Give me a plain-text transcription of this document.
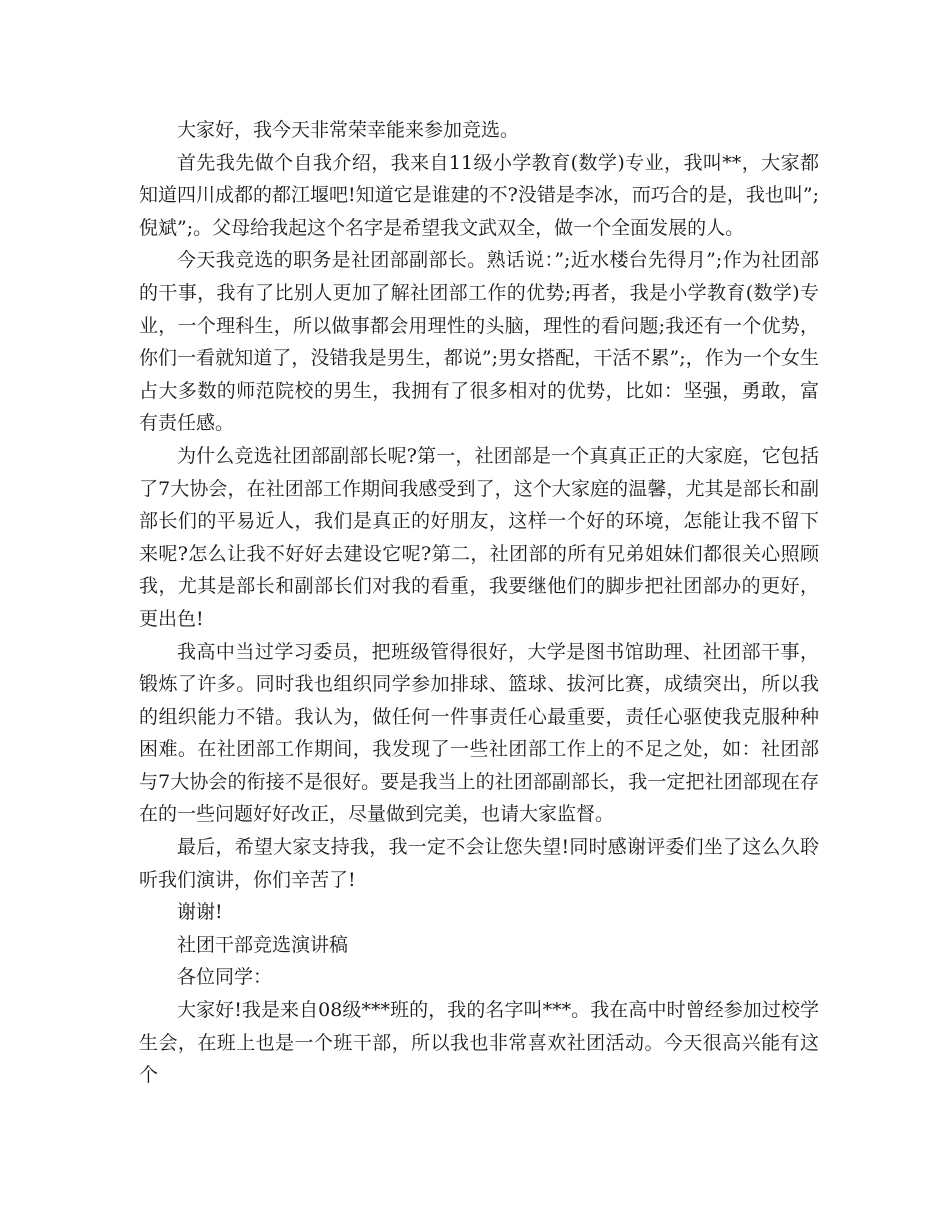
大家好，我今天非常荣幸能来参加竞选。

首先我先做个自我介绍，我来自11级小学教育(数学)专业，我叫**，大家都知道四川成都的都江堰吧!知道它是谁建的不?没错是李冰，而巧合的是，我也叫”;倪斌”;。父母给我起这个名字是希望我文武双全，做一个全面发展的人。

今天我竞选的职务是社团部副部长。熟话说：”;近水楼台先得月”;作为社团部的干事，我有了比别人更加了解社团部工作的优势;再者，我是小学教育(数学)专业，一个理科生，所以做事都会用理性的头脑，理性的看问题;我还有一个优势，你们一看就知道了，没错我是男生，都说”;男女搭配，干活不累”;，作为一个女生占大多数的师范院校的男生，我拥有了很多相对的优势，比如：坚强，勇敢，富有责任感。

为什么竞选社团部副部长呢?第一，社团部是一个真真正正的大家庭，它包括了7大协会，在社团部工作期间我感受到了，这个大家庭的温馨，尤其是部长和副部长们的平易近人，我们是真正的好朋友，这样一个好的环境，怎能让我不留下来呢?怎么让我不好好去建设它呢?第二，社团部的所有兄弟姐妹们都很关心照顾我，尤其是部长和副部长们对我的看重，我要继他们的脚步把社团部办的更好，更出色!

我高中当过学习委员，把班级管得很好，大学是图书馆助理、社团部干事，锻炼了许多。同时我也组织同学参加排球、篮球、拔河比赛，成绩突出，所以我的组织能力不错。我认为，做任何一件事责任心最重要，责任心驱使我克服种种困难。在社团部工作期间，我发现了一些社团部工作上的不足之处，如：社团部与7大协会的衔接不是很好。要是我当上的社团部副部长，我一定把社团部现在存在的一些问题好好改正，尽量做到完美，也请大家监督。

最后，希望大家支持我，我一定不会让您失望!同时感谢评委们坐了这么久聆听我们演讲，你们辛苦了!

谢谢!

社团干部竞选演讲稿

各位同学：

大家好!我是来自08级***班的，我的名字叫***。我在高中时曾经参加过校学生会，在班上也是一个班干部，所以我也非常喜欢社团活动。今天很高兴能有这个
